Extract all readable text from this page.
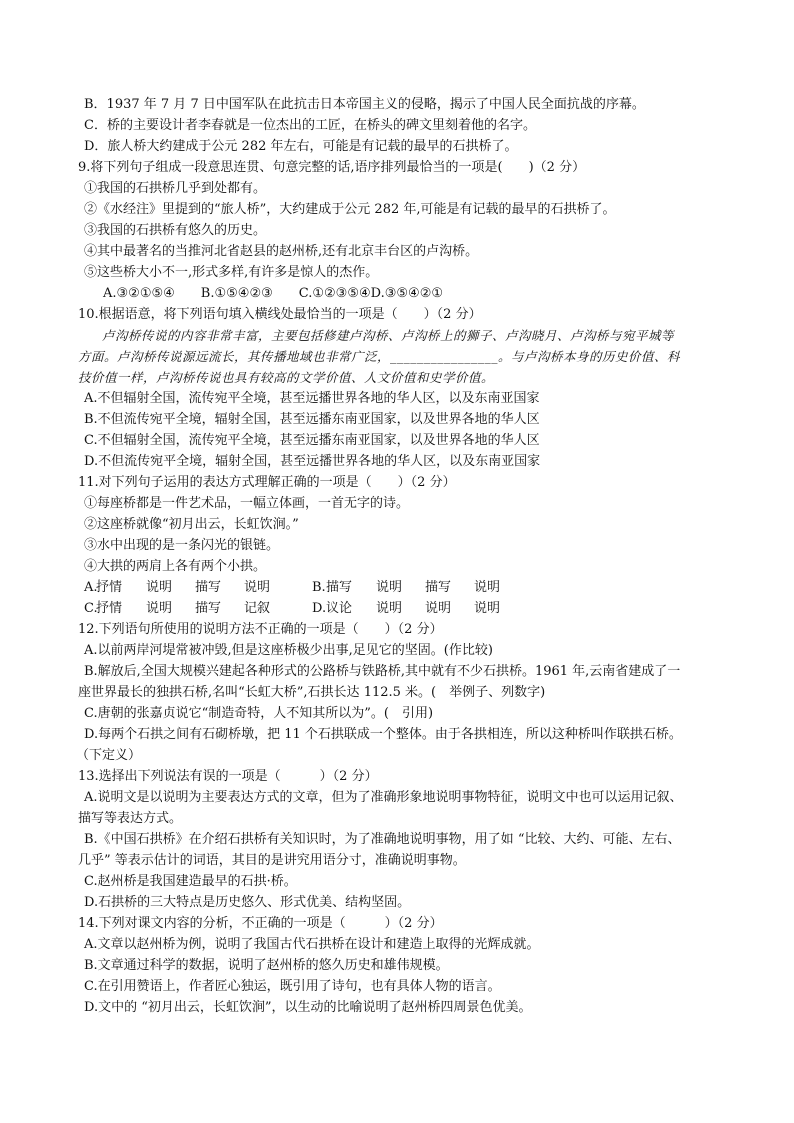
B．1937 年 7 月 7 日中国军队在此抗击日本帝国主义的侵略，揭示了中国人民全面抗战的序幕。
C．桥的主要设计者李春就是一位杰出的工匠，在桥头的碑文里刻着他的名字。
D．旅人桥大约建成于公元 282 年左右，可能是有记载的最早的石拱桥了。
9.将下列句子组成一段意思连贯、句意完整的话,语序排列最恰当的一项是(　　)（2 分）
①我国的石拱桥几乎到处都有。
②《水经注》里提到的“旅人桥”，大约建成于公元 282 年,可能是有记载的最早的石拱桥了。
③我国的石拱桥有悠久的历史。
④其中最著名的当推河北省赵县的赵州桥,还有北京丰台区的卢沟桥。
⑤这些桥大小不一,形式多样,有许多是惊人的杰作。
A.③②①⑤④　　B.①⑤④②③　　C.①②③⑤④D.③⑤④②①
10.根据语意，将下列语句填入横线处最恰当的一项是（　　）（2 分）
卢沟桥传说的内容非常丰富，主要包括修建卢沟桥、卢沟桥上的狮子、卢沟晓月、卢沟桥与宛平城等
方面。卢沟桥传说源远流长，其传播地域也非常广泛，________________。与卢沟桥本身的历史价值、科
技价值一样，卢沟桥传说也具有较高的文学价值、人文价值和史学价值。
A.不但辐射全国，流传宛平全境，甚至远播世界各地的华人区，以及东南亚国家
B.不但流传宛平全境，辐射全国，甚至远播东南亚国家，以及世界各地的华人区
C.不但辐射全国，流传宛平全境，甚至远播东南亚国家，以及世界各地的华人区
D.不但流传宛平全境，辐射全国，甚至远播世界各地的华人区，以及东南亚国家
11.对下列句子运用的表达方式理解正确的一项是（　　）（2 分）
①每座桥都是一件艺术品，一幅立体画，一首无字的诗。
②这座桥就像“初月出云，长虹饮涧。”
③水中出现的是一条闪光的银链。
④大拱的两肩上各有两个小拱。
A.
抒情 说明 描写 说明	B. 描写 说明 描写 说明
C.
抒情 说明 描写 记叙	D. 议论 说明 说明 说明
12.下列语句所使用的说明方法不正确的一项是（　　）（2 分）
A.以前两岸河堤常被冲毁,但是这座桥极少出事,足见它的坚固。(作比较)
B.解放后,全国大规模兴建起各种形式的公路桥与铁路桥,其中就有不少石拱桥。1961 年,云南省建成了一
座世界最长的独拱石桥,名叫“长虹大桥”,石拱长达 112.5 米。(　举例子、列数字)
C.唐朝的张嘉贞说它“制造奇特，人不知其所以为”。(　引用)
D.每两个石拱之间有石砌桥墩，把 11 个石拱联成一个整体。由于各拱相连，所以这种桥叫作联拱石桥。
（下定义）
13.选择出下列说法有误的一项是（　　　）（2 分）
A.说明文是以说明为主要表达方式的文章，但为了准确形象地说明事物特征，说明文中也可以运用记叙、
描写等表达方式。
B.《中国石拱桥》在介绍石拱桥有关知识时，为了准确地说明事物，用了如 “比较、大约、可能、左右、
几乎” 等表示估计的词语，其目的是讲究用语分寸，准确说明事物。
C.赵州桥是我国建造最早的石拱·桥。
D.石拱桥的三大特点是历史悠久、形式优美、结构坚固。
14.下列对课文内容的分析，不正确的一项是（　　　）（2 分）
A.文章以赵州桥为例，说明了我国古代石拱桥在设计和建造上取得的光辉成就。
B.文章通过科学的数据，说明了赵州桥的悠久历史和雄伟规模。
C.在引用赞语上，作者匠心独运，既引用了诗句，也有具体人物的语言。
D.文中的 “初月出云，长虹饮涧”，以生动的比喻说明了赵州桥四周景色优美。
